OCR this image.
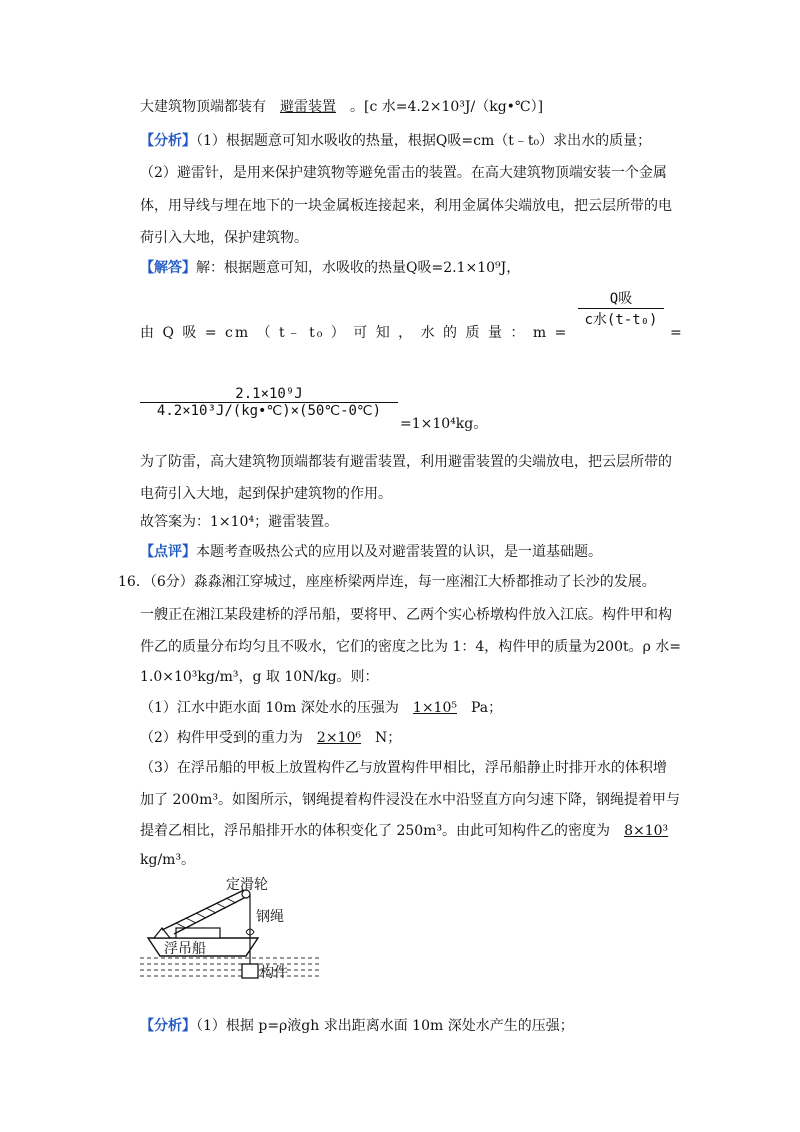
大建筑物顶端都装有 避雷装置 。[c 水=4.2×10³J/（kg•℃）]
【分析】（1）根据题意可知水吸收的热量，根据Q吸=cm（t﹣t₀）求出水的质量；
（2）避雷针，是用来保护建筑物等避免雷击的装置。在高大建筑物顶端安装一个金属
体，用导线与埋在地下的一块金属板连接起来，利用金属体尖端放电，把云层所带的电
荷引入大地，保护建筑物。
【解答】解：根据题意可知，水吸收的热量Q吸=2.1×10⁹J，
由 Q 吸 = cm （ t﹣ t₀ ） 可 知 ， 水 的 质 量 ： m =
Q吸
c水(t-t₀)
=
2.1×10⁹J
4.2×10³J/(kg•℃)×(50℃-0℃)
=1×10⁴kg。
为了防雷，高大建筑物顶端都装有避雷装置，利用避雷装置的尖端放电，把云层所带的
电荷引入大地，起到保护建筑物的作用。
故答案为：1×10⁴；避雷装置。
【点评】本题考查吸热公式的应用以及对避雷装置的认识，是一道基础题。
16．（6分）淼淼湘江穿城过，座座桥梁两岸连，每一座湘江大桥都推动了长沙的发展。
一艘正在湘江某段建桥的浮吊船，要将甲、乙两个实心桥墩构件放入江底。构件甲和构
件乙的质量分布均匀且不吸水，它们的密度之比为 1：4，构件甲的质量为200t。ρ 水=
1.0×10³kg/m³，g 取 10N/kg。则：
（1）江水中距水面 10m 深处水的压强为 1×10⁵ Pa；
（2）构件甲受到的重力为 2×10⁶ N；
（3）在浮吊船的甲板上放置构件乙与放置构件甲相比，浮吊船静止时排开水的体积增
加了 200m³。如图所示，钢绳提着构件浸没在水中沿竖直方向匀速下降，钢绳提着甲与
提着乙相比，浮吊船排开水的体积变化了 250m³。由此可知构件乙的密度为 8×10³
kg/m³。
定滑轮
钢绳
浮吊船
构件
【分析】（1）根据 p=ρ液gh 求出距离水面 10m 深处水产生的压强；
